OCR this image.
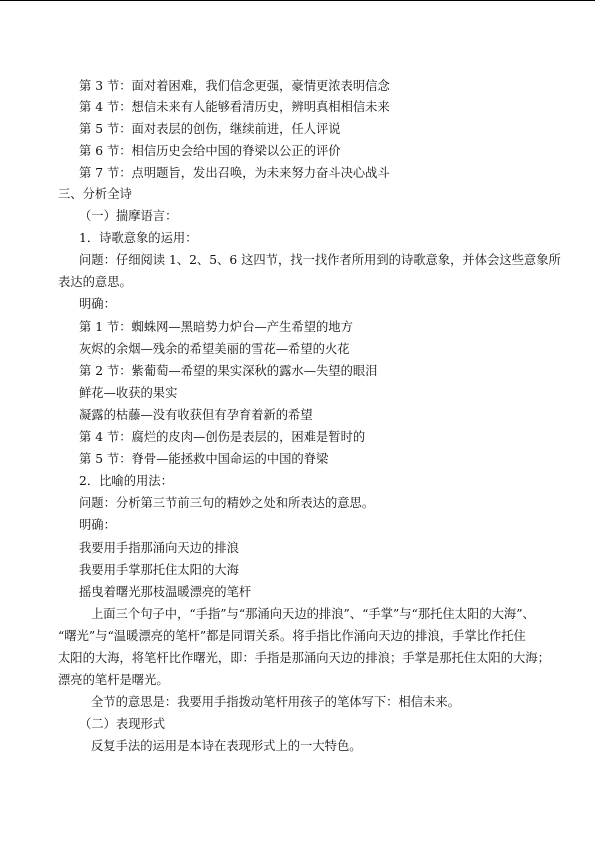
第 3 节：面对着困难，我们信念更强，豪情更浓表明信念
第 4 节：想信未来有人能够看清历史，辨明真相相信未来
第 5 节：面对表层的创伤，继续前进，任人评说
第 6 节：相信历史会给中国的脊梁以公正的评价
第 7 节：点明题旨，发出召唤，为未来努力奋斗决心战斗
三、分析全诗
（一）揣摩语言：
1．诗歌意象的运用：
问题：仔细阅读 1、2、5、6 这四节，找一找作者所用到的诗歌意象，并体会这些意象所
表达的意思。
明确：
第 1 节：蜘蛛网—黑暗势力炉台—产生希望的地方
灰烬的余烟—残余的希望美丽的雪花—希望的火花
第 2 节：紫葡萄—希望的果实深秋的露水—失望的眼泪
鲜花—收获的果实
凝露的枯藤—没有收获但有孕育着新的希望
第 4 节：腐烂的皮肉—创伤是表层的，困难是暂时的
第 5 节：脊骨—能拯救中国命运的中国的脊梁
2．比喻的用法：
问题：分析第三节前三句的精妙之处和所表达的意思。
明确：
我要用手指那涌向天边的排浪
我要用手掌那托住太阳的大海
摇曳着曙光那枝温暖漂亮的笔杆
上面三个句子中，“手指”与“那涌向天边的排浪”、“手掌”与“那托住太阳的大海”、
“曙光”与“温暖漂亮的笔杆”都是同谓关系。将手指比作涌向天边的排浪，手掌比作托住
太阳的大海，将笔杆比作曙光，即：手指是那涌向天边的排浪；手掌是那托住太阳的大海；
漂亮的笔杆是曙光。
全节的意思是：我要用手指拨动笔杆用孩子的笔体写下：相信未来。
（二）表现形式
反复手法的运用是本诗在表现形式上的一大特色。
